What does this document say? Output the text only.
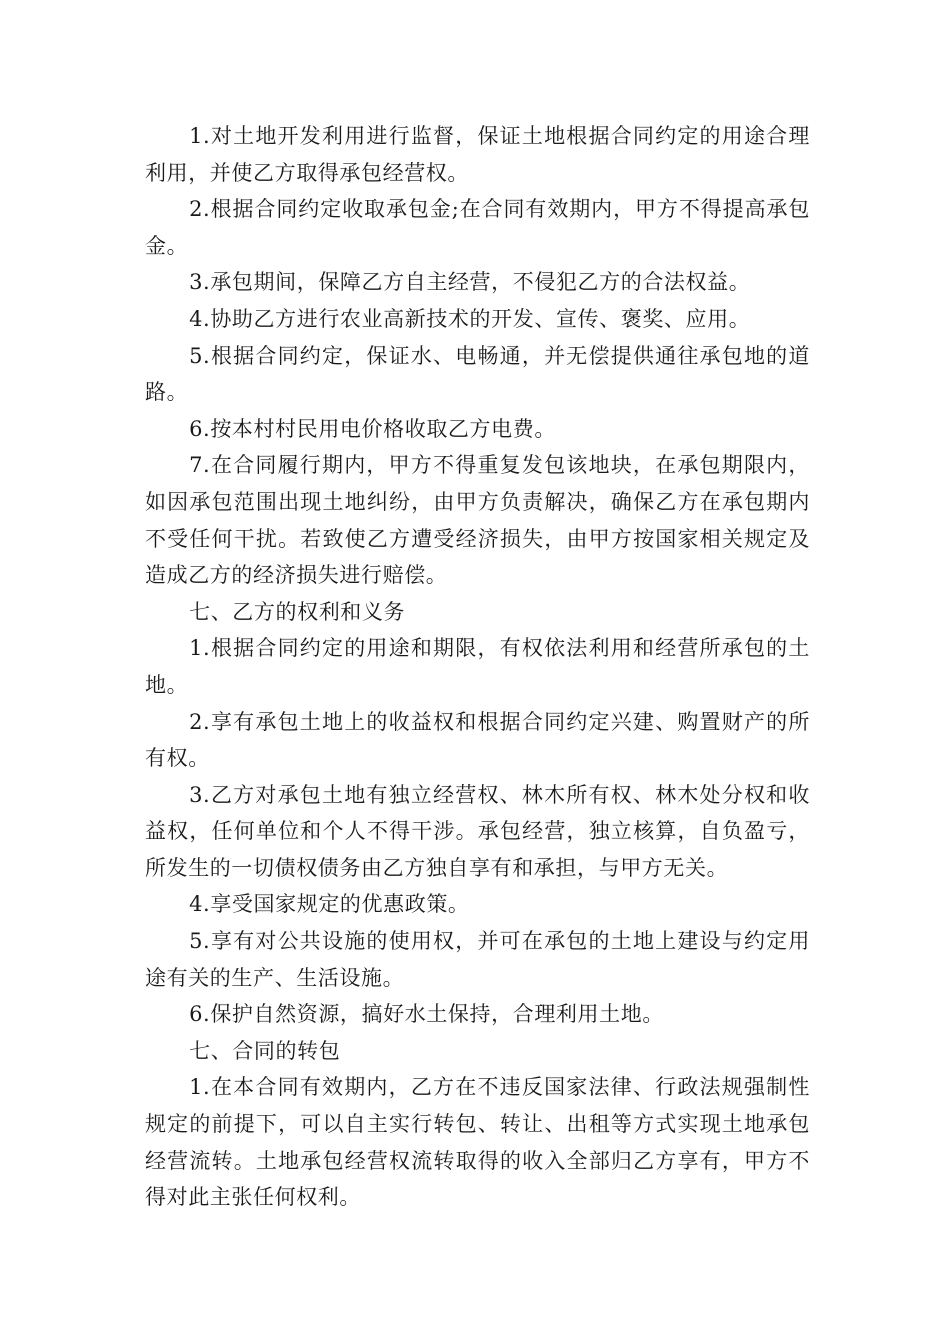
1.对土地开发利用进行监督，保证土地根据合同约定的用途合理利用，并使乙方取得承包经营权。

2.根据合同约定收取承包金;在合同有效期内，甲方不得提高承包金。

3.承包期间，保障乙方自主经营，不侵犯乙方的合法权益。

4.协助乙方进行农业高新技术的开发、宣传、褒奖、应用。

5.根据合同约定，保证水、电畅通，并无偿提供通往承包地的道路。

6.按本村村民用电价格收取乙方电费。

7.在合同履行期内，甲方不得重复发包该地块，在承包期限内，如因承包范围出现土地纠纷，由甲方负责解决，确保乙方在承包期内不受任何干扰。若致使乙方遭受经济损失，由甲方按国家相关规定及造成乙方的经济损失进行赔偿。

七、乙方的权利和义务

1.根据合同约定的用途和期限，有权依法利用和经营所承包的土地。

2.享有承包土地上的收益权和根据合同约定兴建、购置财产的所有权。

3.乙方对承包土地有独立经营权、林木所有权、林木处分权和收益权，任何单位和个人不得干涉。承包经营，独立核算，自负盈亏，所发生的一切债权债务由乙方独自享有和承担，与甲方无关。

4.享受国家规定的优惠政策。

5.享有对公共设施的使用权，并可在承包的土地上建设与约定用途有关的生产、生活设施。

6.保护自然资源，搞好水土保持，合理利用土地。

七、合同的转包

1.在本合同有效期内，乙方在不违反国家法律、行政法规强制性规定的前提下，可以自主实行转包、转让、出租等方式实现土地承包经营流转。土地承包经营权流转取得的收入全部归乙方享有，甲方不得对此主张任何权利。
